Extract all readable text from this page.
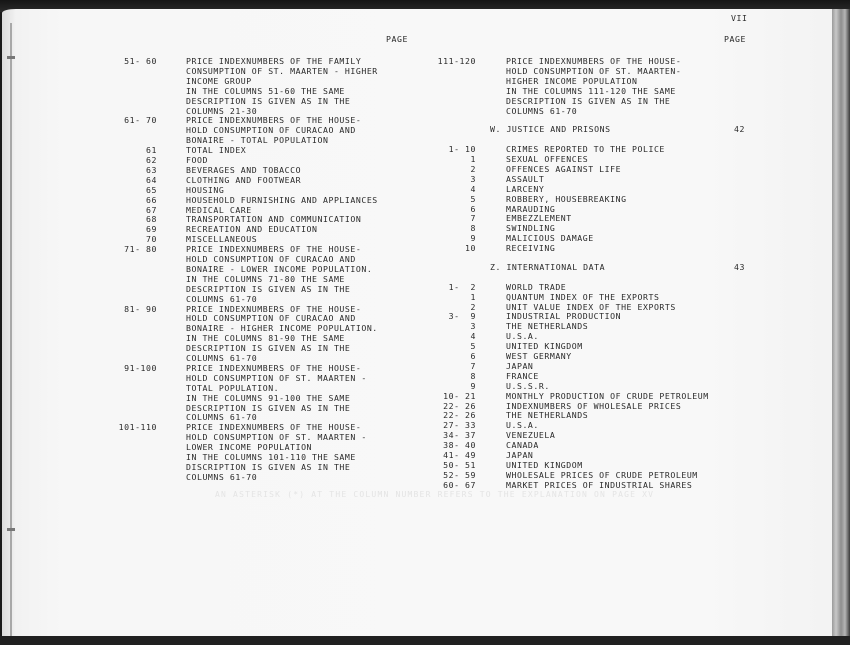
VII
PAGE	PAGE
AN ASTERISK (*) AT THE COLUMN NUMBER REFERS TO THE EXPLANATION ON PAGE XV
51- 60	PRICE INDEXNUMBERS OF THE FAMILY
CONSUMPTION OF ST. MAARTEN - HIGHER
INCOME GROUP
IN THE COLUMNS 51-60 THE SAME
DESCRIPTION IS GIVEN AS IN THE
COLUMNS 21-30
61- 70	PRICE INDEXNUMBERS OF THE HOUSE-
HOLD CONSUMPTION OF CURACAO AND
BONAIRE - TOTAL POPULATION
61	TOTAL INDEX
62	FOOD
63	BEVERAGES AND TOBACCO
64	CLOTHING AND FOOTWEAR
65	HOUSING
66	HOUSEHOLD FURNISHING AND APPLIANCES
67	MEDICAL CARE
68	TRANSPORTATION AND COMMUNICATION
69	RECREATION AND EDUCATION
70	MISCELLANEOUS
71- 80	PRICE INDEXNUMBERS OF THE HOUSE-
HOLD CONSUMPTION OF CURACAO AND
BONAIRE - LOWER INCOME POPULATION.
IN THE COLUMNS 71-80 THE SAME
DESCRIPTION IS GIVEN AS IN THE
COLUMNS 61-70
81- 90	PRICE INDEXNUMBERS OF THE HOUSE-
HOLD CONSUMPTION OF CURACAO AND
BONAIRE - HIGHER INCOME POPULATION.
IN THE COLUMNS 81-90 THE SAME
DESCRIPTION IS GIVEN AS IN THE
COLUMNS 61-70
91-100	PRICE INDEXNUMBERS OF THE HOUSE-
HOLD CONSUMPTION OF ST. MAARTEN -
TOTAL POPULATION.
IN THE COLUMNS 91-100 THE SAME
DESCRIPTION IS GIVEN AS IN THE
COLUMNS 61-70
101-110	PRICE INDEXNUMBERS OF THE HOUSE-
HOLD CONSUMPTION OF ST. MAARTEN -
LOWER INCOME POPULATION
IN THE COLUMNS 101-110 THE SAME
DISCRIPTION IS GIVEN AS IN THE
COLUMNS 61-70
111-120	PRICE INDEXNUMBERS OF THE HOUSE-
HOLD CONSUMPTION OF ST. MAARTEN-
HIGHER INCOME POPULATION
IN THE COLUMNS 111-120 THE SAME
DESCRIPTION IS GIVEN AS IN THE
COLUMNS 61-70
W. JUSTICE AND PRISONS	42
1- 10	CRIMES REPORTED TO THE POLICE
1	SEXUAL OFFENCES
2	OFFENCES AGAINST LIFE
3	ASSAULT
4	LARCENY
5	ROBBERY, HOUSEBREAKING
6	MARAUDING
7	EMBEZZLEMENT
8	SWINDLING
9	MALICIOUS DAMAGE
10	RECEIVING
Z. INTERNATIONAL DATA	43
1-  2	WORLD TRADE
1	QUANTUM INDEX OF THE EXPORTS
2	UNIT VALUE INDEX OF THE EXPORTS
3-  9	INDUSTRIAL PRODUCTION
3	THE NETHERLANDS
4	U.S.A.
5	UNITED KINGDOM
6	WEST GERMANY
7	JAPAN
8	FRANCE
9	U.S.S.R.
10- 21	MONTHLY PRODUCTION OF CRUDE PETROLEUM
22- 26	INDEXNUMBERS OF WHOLESALE PRICES
22- 26	THE NETHERLANDS
27- 33	U.S.A.
34- 37	VENEZUELA
38- 40	CANADA
41- 49	JAPAN
50- 51	UNITED KINGDOM
52- 59	WHOLESALE PRICES OF CRUDE PETROLEUM
60- 67	MARKET PRICES OF INDUSTRIAL SHARES
